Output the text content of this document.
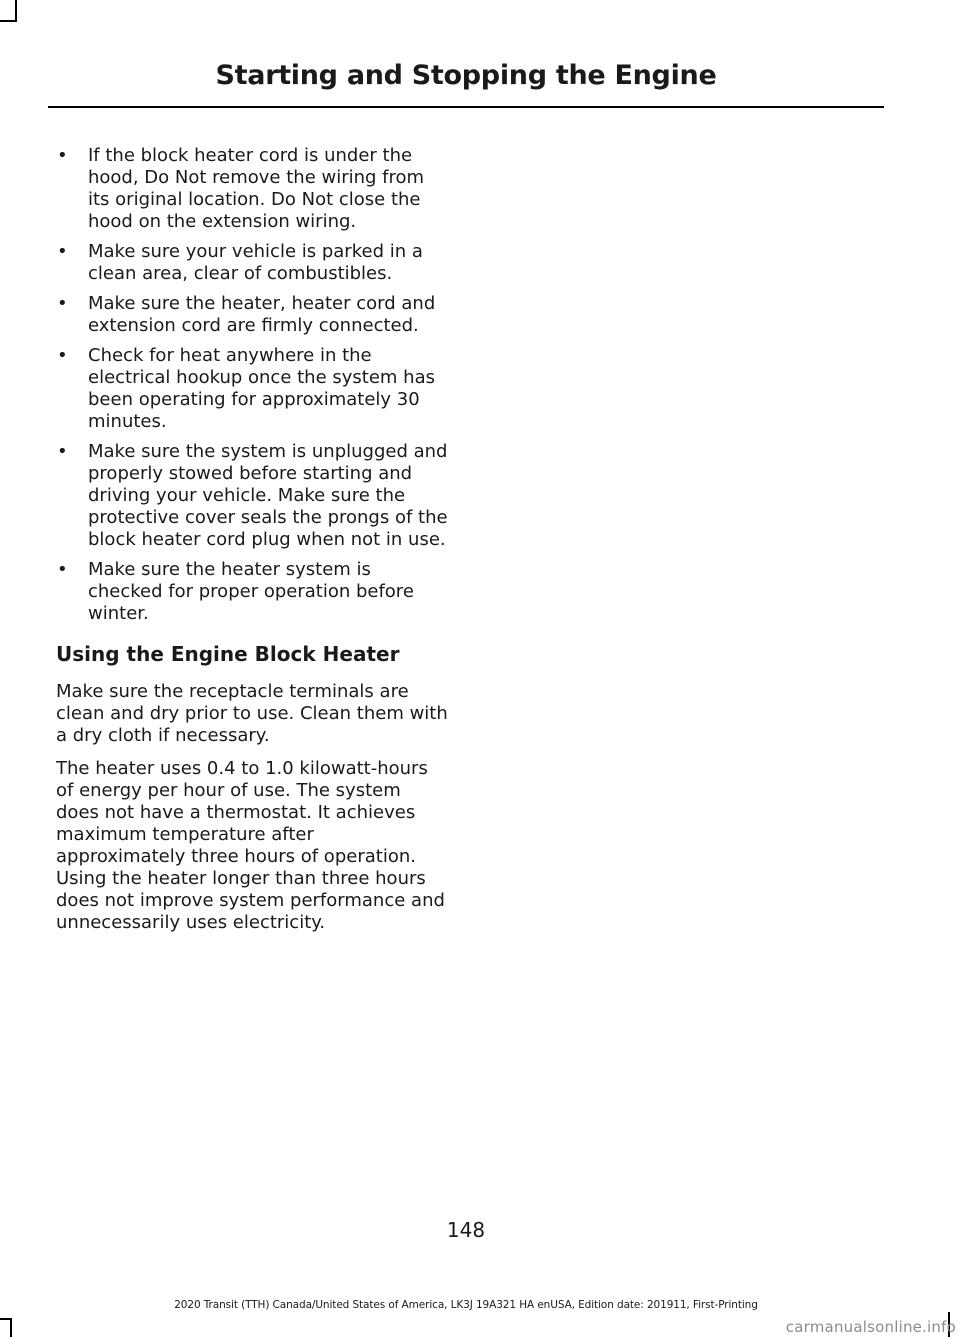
Starting and Stopping the Engine
• If the block heater cord is under the hood, Do Not remove the wiring from its original location. Do Not close the hood on the extension wiring.
• Make sure your vehicle is parked in a clean area, clear of combustibles.
• Make sure the heater, heater cord and extension cord are firmly connected.
• Check for heat anywhere in the electrical hookup once the system has been operating for approximately 30 minutes.
• Make sure the system is unplugged and properly stowed before starting and driving your vehicle. Make sure the protective cover seals the prongs of the block heater cord plug when not in use.
• Make sure the heater system is checked for proper operation before winter.
Using the Engine Block Heater

Make sure the receptacle terminals are clean and dry prior to use. Clean them with a dry cloth if necessary.

The heater uses 0.4 to 1.0 kilowatt-hours of energy per hour of use. The system does not have a thermostat. It achieves maximum temperature after approximately three hours of operation. Using the heater longer than three hours does not improve system performance and unnecessarily uses electricity.

148
2020 Transit (TTH) Canada/United States of America, LK3J 19A321 HA enUSA, Edition date: 201911, First-Printing
carmanualsonline.info
